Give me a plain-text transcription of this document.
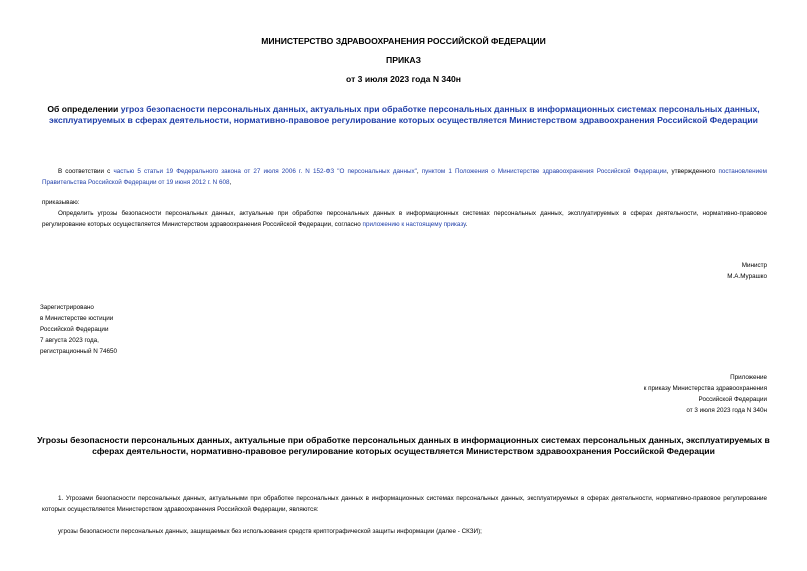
МИНИСТЕРСТВО ЗДРАВООХРАНЕНИЯ РОССИЙСКОЙ ФЕДЕРАЦИИ
ПРИКАЗ
от 3 июля 2023 года N 340н
Об определении угроз безопасности персональных данных, актуальных при обработке персональных данных в информационных системах персональных данных, эксплуатируемых в сферах деятельности, нормативно-правовое регулирование которых осуществляется Министерством здравоохранения Российской Федерации
В соответствии с частью 5 статьи 19 Федерального закона от 27 июля 2006 г. N 152-ФЗ "О персональных данных", пунктом 1 Положения о Министерстве здравоохранения Российской Федерации, утвержденного постановлением Правительства Российской Федерации от 19 июня 2012 г. N 608,
приказываю:
Определить угрозы безопасности персональных данных, актуальные при обработке персональных данных в информационных системах персональных данных, эксплуатируемых в сферах деятельности, нормативно-правовое регулирование которых осуществляется Министерством здравоохранения Российской Федерации, согласно приложению к настоящему приказу.
Министр
М.А.Мурашко
Зарегистрировано
в Министерстве юстиции
Российской Федерации
7 августа 2023 года,
регистрационный N 74650
Приложение
к приказу Министерства здравоохранения
Российской Федерации
от 3 июля 2023 года N 340н
Угрозы безопасности персональных данных, актуальные при обработке персональных данных в информационных системах персональных данных, эксплуатируемых в сферах деятельности, нормативно-правовое регулирование которых осуществляется Министерством здравоохранения Российской Федерации
1. Угрозами безопасности персональных данных, актуальными при обработке персональных данных в информационных системах персональных данных, эксплуатируемых в сферах деятельности, нормативно-правовое регулирование которых осуществляется Министерством здравоохранения Российской Федерации, являются:
угрозы безопасности персональных данных, защищаемых без использования средств криптографической защиты информации (далее - СКЗИ);
